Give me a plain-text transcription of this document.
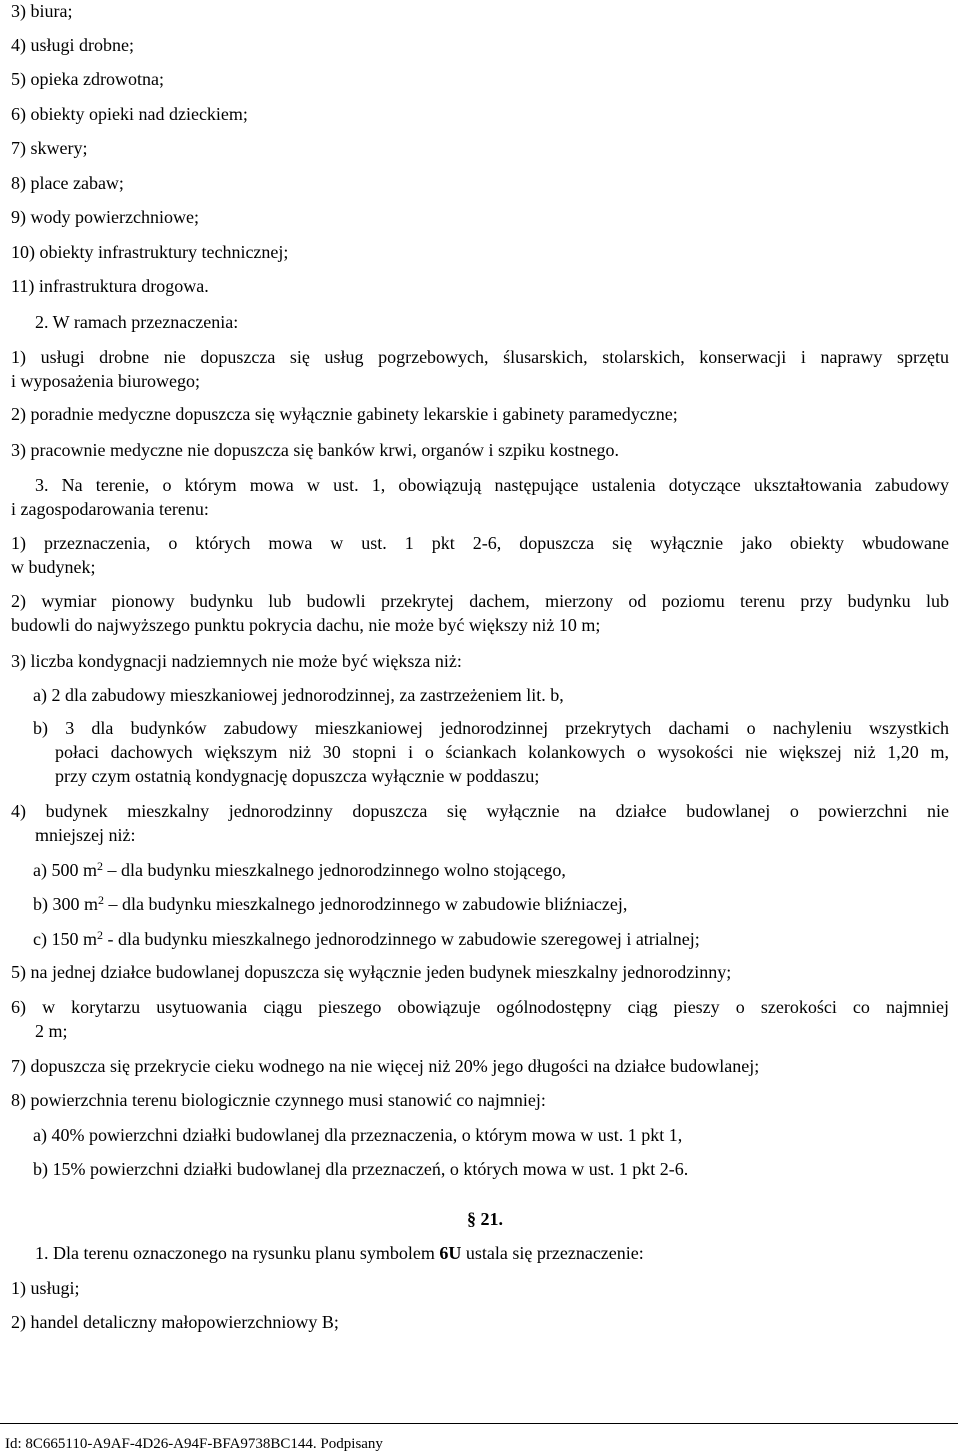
3) biura;
4) usługi drobne;
5) opieka zdrowotna;
6) obiekty opieki nad dzieckiem;
7) skwery;
8) place zabaw;
9) wody powierzchniowe;
10) obiekty infrastruktury technicznej;
11) infrastruktura drogowa.
2. W ramach przeznaczenia:
1) usługi drobne nie dopuszcza się usług pogrzebowych, ślusarskich, stolarskich, konserwacji i naprawy sprzętu
i wyposażenia biurowego;
2) poradnie medyczne dopuszcza się wyłącznie gabinety lekarskie i gabinety paramedyczne;
3) pracownie medyczne nie dopuszcza się banków krwi, organów i szpiku kostnego.
3. Na terenie, o którym mowa w ust. 1, obowiązują następujące ustalenia dotyczące ukształtowania zabudowy
i zagospodarowania terenu:
1) przeznaczenia, o których mowa w ust. 1 pkt 2-6, dopuszcza się wyłącznie jako obiekty wbudowane
w budynek;
2) wymiar pionowy budynku lub budowli przekrytej dachem, mierzony od poziomu terenu przy budynku lub
budowli do najwyższego punktu pokrycia dachu, nie może być większy niż 10 m;
3) liczba kondygnacji nadziemnych nie może być większa niż:
a) 2 dla zabudowy mieszkaniowej jednorodzinnej, za zastrzeżeniem lit. b,
b) 3 dla budynków zabudowy mieszkaniowej jednorodzinnej przekrytych dachami o nachyleniu wszystkich
połaci dachowych większym niż 30 stopni i o ściankach kolankowych o wysokości nie większej niż 1,20 m,
przy czym ostatnią kondygnację dopuszcza wyłącznie w poddaszu;
4) budynek mieszkalny jednorodzinny dopuszcza się wyłącznie na działce budowlanej o powierzchni nie
mniejszej niż:
a) 500 $m^2$ – dla budynku mieszkalnego jednorodzinnego wolno stojącego,
b) 300 $m^2$ – dla budynku mieszkalnego jednorodzinnego w zabudowie bliźniaczej,
c) 150 $m^2$ - dla budynku mieszkalnego jednorodzinnego w zabudowie szeregowej i atrialnej;
5) na jednej działce budowlanej dopuszcza się wyłącznie jeden budynek mieszkalny jednorodzinny;
6) w korytarzu usytuowania ciągu pieszego obowiązuje ogólnodostępny ciąg pieszy o szerokości co najmniej
2 m;
7) dopuszcza się przekrycie cieku wodnego na nie więcej niż 20% jego długości na działce budowlanej;
8) powierzchnia terenu biologicznie czynnego musi stanowić co najmniej:
a) 40% powierzchni działki budowlanej dla przeznaczenia, o którym mowa w ust. 1 pkt 1,
b) 15% powierzchni działki budowlanej dla przeznaczeń, o których mowa w ust. 1 pkt 2-6.
§ 21.
1. Dla terenu oznaczonego na rysunku planu symbolem 6U ustala się przeznaczenie:
1) usługi;
2) handel detaliczny małopowierzchniowy B;
Id: 8C665110-A9AF-4D26-A94F-BFA9738BC144. Podpisany
